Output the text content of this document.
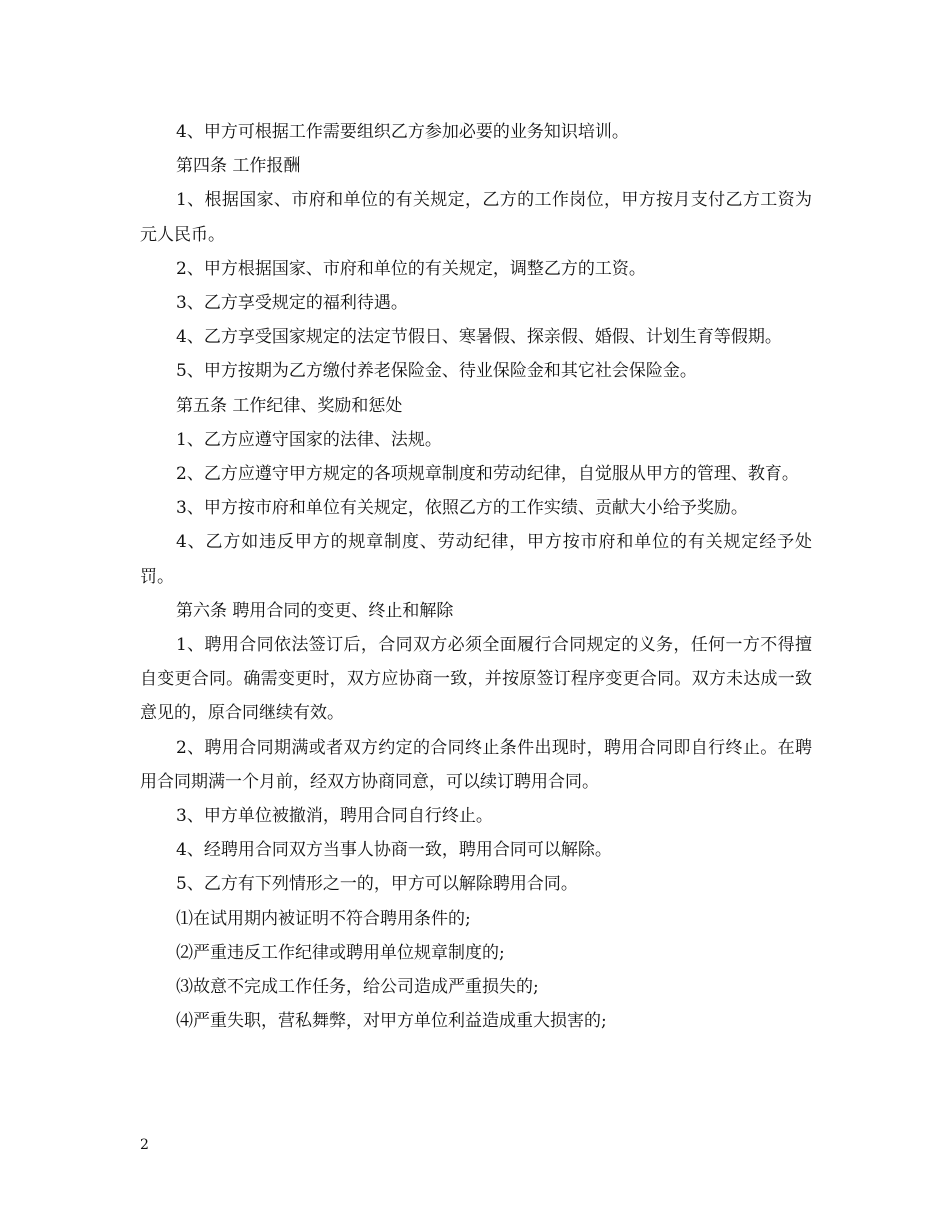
4、甲方可根据工作需要组织乙方参加必要的业务知识培训。

第四条 工作报酬

1、根据国家、市府和单位的有关规定，乙方的工作岗位，甲方按月支付乙方工资为 元人民币。

2、甲方根据国家、市府和单位的有关规定，调整乙方的工资。

3、乙方享受规定的福利待遇。

4、乙方享受国家规定的法定节假日、寒暑假、探亲假、婚假、计划生育等假期。

5、甲方按期为乙方缴付养老保险金、待业保险金和其它社会保险金。

第五条 工作纪律、奖励和惩处

1、乙方应遵守国家的法律、法规。

2、乙方应遵守甲方规定的各项规章制度和劳动纪律，自觉服从甲方的管理、教育。

3、甲方按市府和单位有关规定，依照乙方的工作实绩、贡献大小给予奖励。

4、乙方如违反甲方的规章制度、劳动纪律，甲方按市府和单位的有关规定经予处罚。

第六条 聘用合同的变更、终止和解除

1、聘用合同依法签订后，合同双方必须全面履行合同规定的义务，任何一方不得擅自变更合同。确需变更时，双方应协商一致，并按原签订程序变更合同。双方未达成一致意见的，原合同继续有效。

2、聘用合同期满或者双方约定的合同终止条件出现时，聘用合同即自行终止。在聘用合同期满一个月前，经双方协商同意，可以续订聘用合同。

3、甲方单位被撤消，聘用合同自行终止。

4、经聘用合同双方当事人协商一致，聘用合同可以解除。

5、乙方有下列情形之一的，甲方可以解除聘用合同。

⑴在试用期内被证明不符合聘用条件的;

⑵严重违反工作纪律或聘用单位规章制度的;

⑶故意不完成工作任务，给公司造成严重损失的;

⑷严重失职，营私舞弊，对甲方单位利益造成重大损害的;

2
